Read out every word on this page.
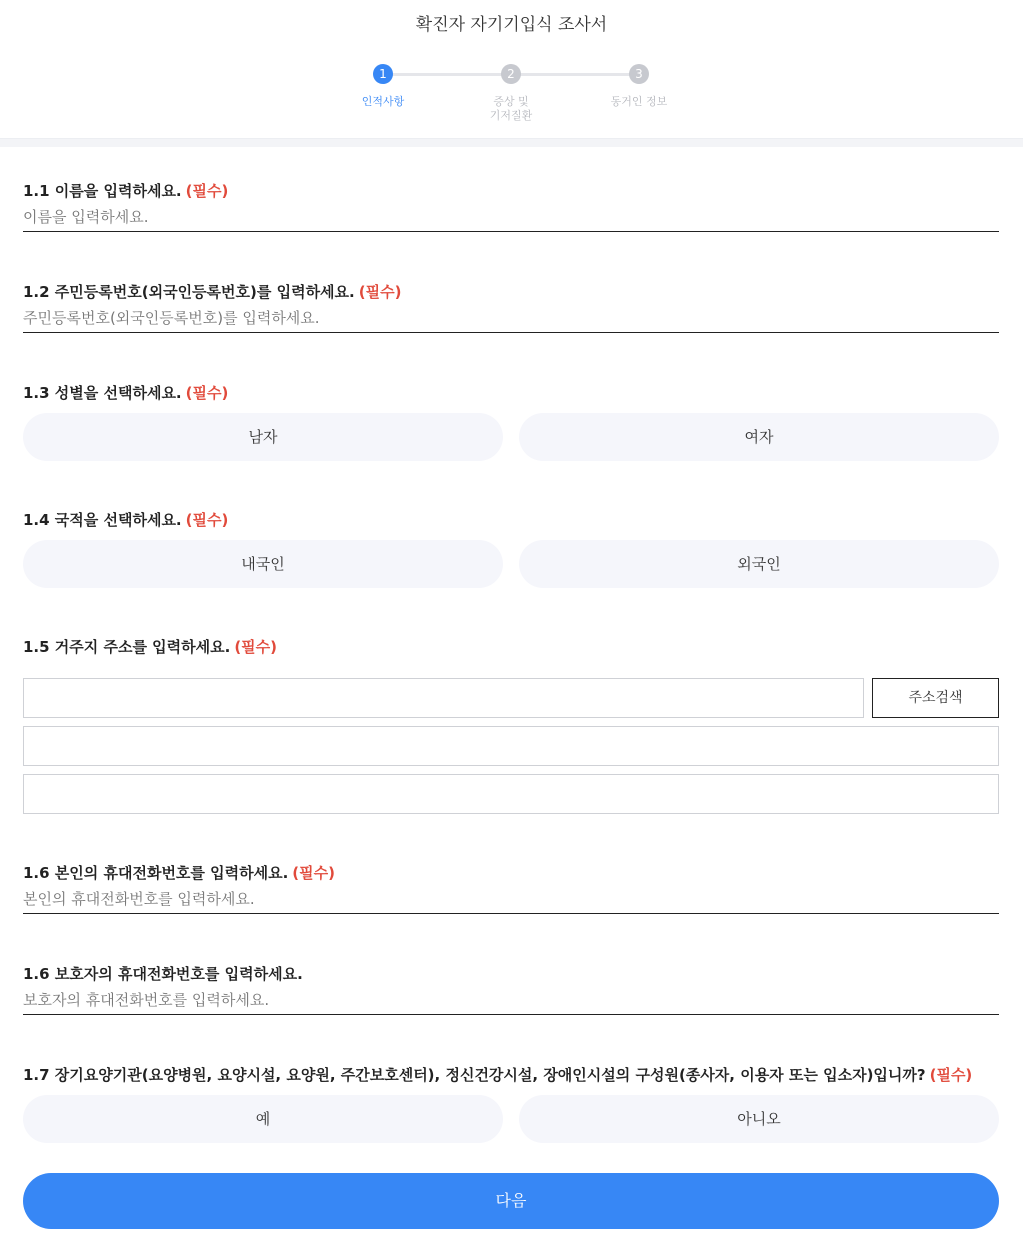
확진자 자기기입식 조사서
1	2	3
인적사항	증상 및
기저질환
동거인 정보
1.1 이름을 입력하세요. (필수)
이름을 입력하세요.
1.2 주민등록번호(외국인등록번호)를 입력하세요. (필수)
주민등록번호(외국인등록번호)를 입력하세요.
1.3 성별을 선택하세요. (필수)
남자	여자
1.4 국적을 선택하세요. (필수)
내국인	외국인
1.5 거주지 주소를 입력하세요. (필수)
주소검색
1.6 본인의 휴대전화번호를 입력하세요. (필수)
본인의 휴대전화번호를 입력하세요.
1.6 보호자의 휴대전화번호를 입력하세요.
보호자의 휴대전화번호를 입력하세요.
1.7 장기요양기관(요양병원, 요양시설, 요양원, 주간보호센터), 정신건강시설, 장애인시설의 구성원(종사자, 이용자 또는 입소자)입니까? (필수)
예	아니오
다음
